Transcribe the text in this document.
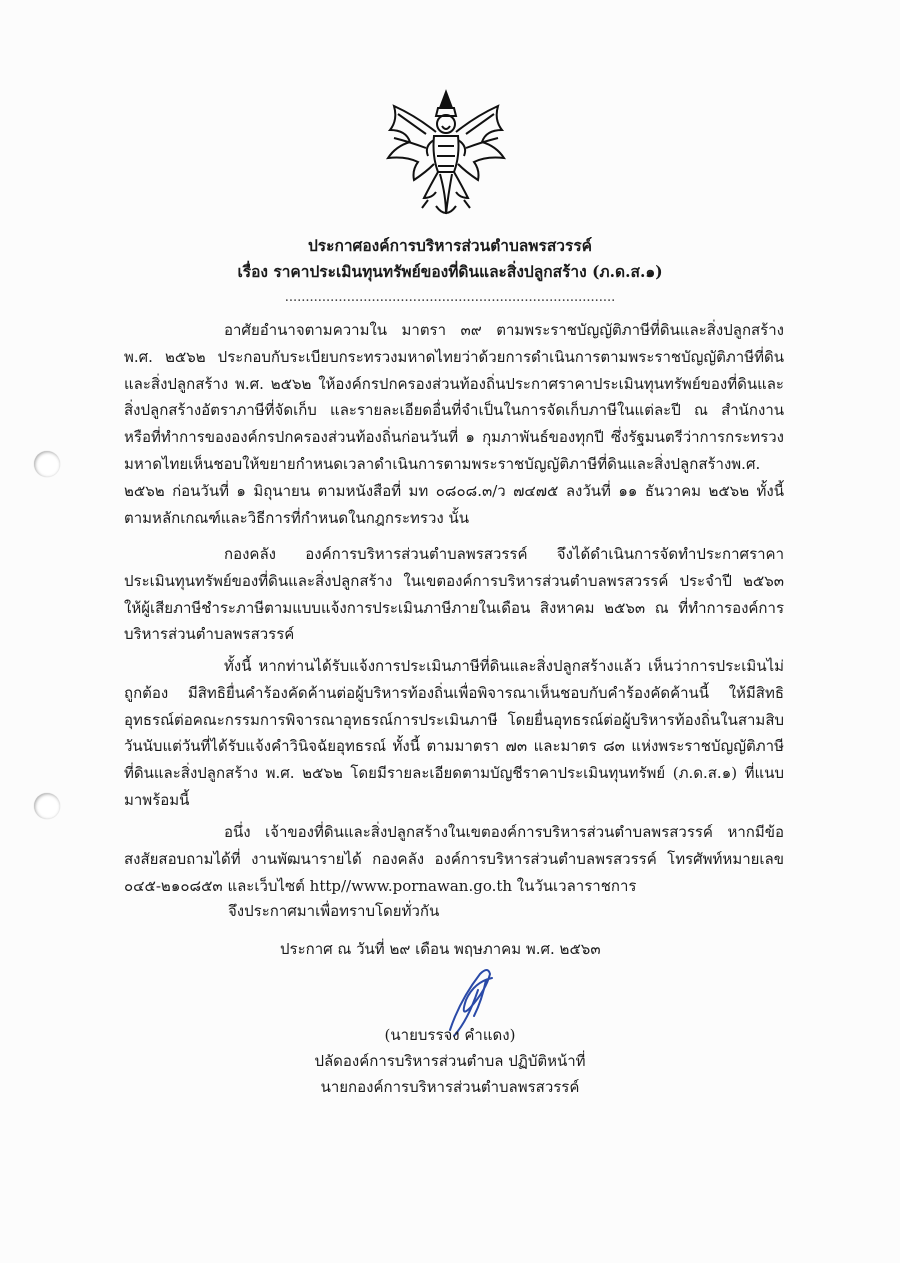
ประกาศองค์การบริหารส่วนตำบลพรสวรรค์
เรื่อง ราคาประเมินทุนทรัพย์ของที่ดินและสิ่งปลูกสร้าง (ภ.ด.ส.๑)
................................................................................
อาศัยอำนาจตามความใน มาตรา ๓๙ ตามพระราชบัญญัติภาษีที่ดินและสิ่งปลูกสร้าง พ.ศ. ๒๕๖๒ ประกอบกับระเบียบกระทรวงมหาดไทยว่าด้วยการดำเนินการตามพระราชบัญญัติภาษีที่ดินและสิ่งปลูกสร้าง พ.ศ. ๒๕๖๒ ให้องค์กรปกครองส่วนท้องถิ่นประกาศราคาประเมินทุนทรัพย์ของที่ดินและสิ่งปลูกสร้างอัตราภาษีที่จัดเก็บ และรายละเอียดอื่นที่จำเป็นในการจัดเก็บภาษีในแต่ละปี ณ สำนักงานหรือที่ทำการขององค์กรปกครองส่วนท้องถิ่นก่อนวันที่ ๑ กุมภาพันธ์ของทุกปี ซึ่งรัฐมนตรีว่าการกระทรวงมหาดไทยเห็นชอบให้ขยายกำหนดเวลาดำเนินการตามพระราชบัญญัติภาษีที่ดินและสิ่งปลูกสร้างพ.ศ. ๒๕๖๒ ก่อนวันที่ ๑ มิถุนายน ตามหนังสือที่ มท ๐๘๐๘.๓/ว ๗๔๗๕ ลงวันที่ ๑๑ ธันวาคม ๒๕๖๒ ทั้งนี้ ตามหลักเกณฑ์และวิธีการที่กำหนดในกฎกระทรวง นั้น
กองคลัง องค์การบริหารส่วนตำบลพรสวรรค์ จึงได้ดำเนินการจัดทำประกาศราคาประเมินทุนทรัพย์ของที่ดินและสิ่งปลูกสร้าง ในเขตองค์การบริหารส่วนตำบลพรสวรรค์ ประจำปี ๒๕๖๓ ให้ผู้เสียภาษีชำระภาษีตามแบบแจ้งการประเมินภาษีภายในเดือน สิงหาคม ๒๕๖๓ ณ ที่ทำการองค์การบริหารส่วนตำบลพรสวรรค์
ทั้งนี้ หากท่านได้รับแจ้งการประเมินภาษีที่ดินและสิ่งปลูกสร้างแล้ว เห็นว่าการประเมินไม่ถูกต้อง มีสิทธิยื่นคำร้องคัดค้านต่อผู้บริหารท้องถิ่นเพื่อพิจารณาเห็นชอบกับคำร้องคัดค้านนี้ ให้มีสิทธิอุทธรณ์ต่อคณะกรรมการพิจารณาอุทธรณ์การประเมินภาษี โดยยื่นอุทธรณ์ต่อผู้บริหารท้องถิ่นในสามสิบวันนับแต่วันที่ได้รับแจ้งคำวินิจฉัยอุทธรณ์ ทั้งนี้ ตามมาตรา ๗๓ และมาตร ๘๓ แห่งพระราชบัญญัติภาษีที่ดินและสิ่งปลูกสร้าง พ.ศ. ๒๕๖๒ โดยมีรายละเอียดตามบัญชีราคาประเมินทุนทรัพย์ (ภ.ด.ส.๑) ที่แนบมาพร้อมนี้
อนึ่ง เจ้าของที่ดินและสิ่งปลูกสร้างในเขตองค์การบริหารส่วนตำบลพรสวรรค์ หากมีข้อสงสัยสอบถามได้ที่ งานพัฒนารายได้ กองคลัง องค์การบริหารส่วนตำบลพรสวรรค์ โทรศัพท์หมายเลข ๐๔๕-๒๑๐๘๕๓ และเว็บไซต์ http//www.pornawan.go.th ในวันเวลาราชการ
จึงประกาศมาเพื่อทราบโดยทั่วกัน
ประกาศ ณ วันที่ ๒๙ เดือน พฤษภาคม พ.ศ. ๒๕๖๓
(นายบรรจง คำแดง)
ปลัดองค์การบริหารส่วนตำบล ปฏิบัติหน้าที่
นายกองค์การบริหารส่วนตำบลพรสวรรค์
